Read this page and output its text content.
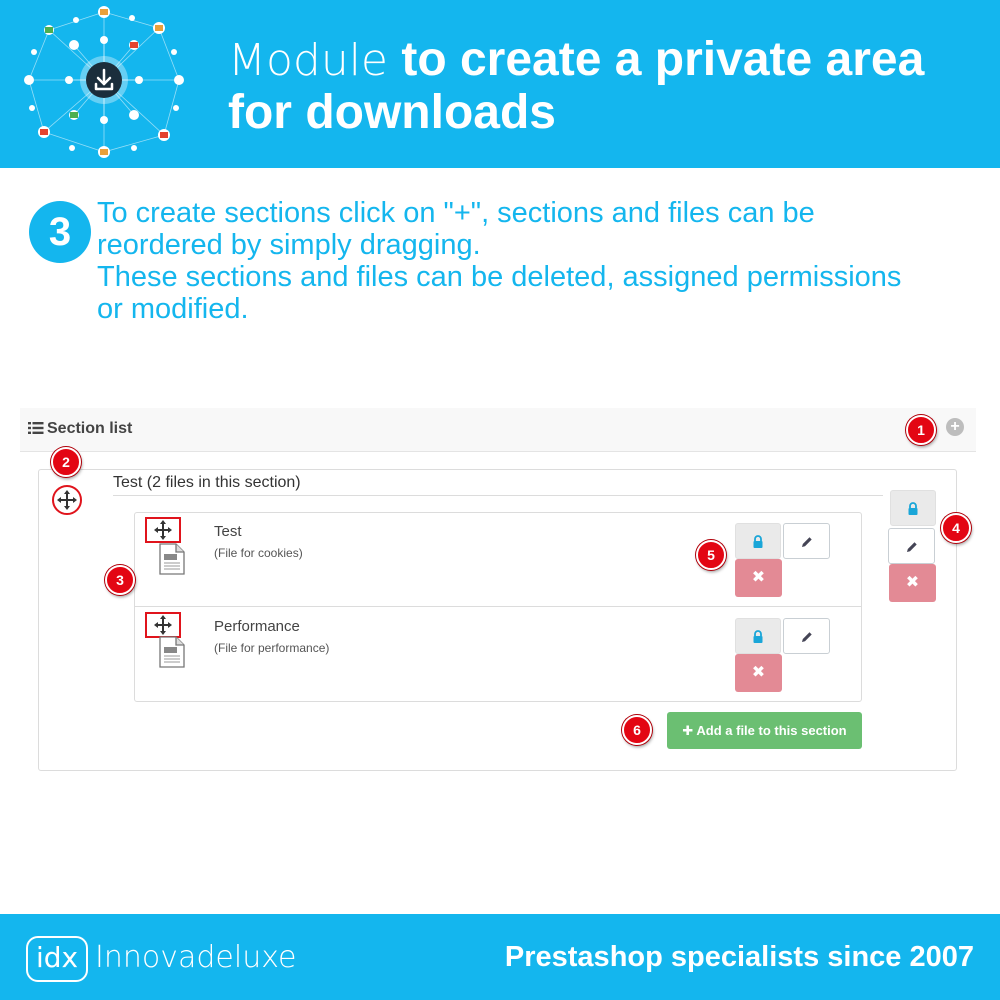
Module to create a private area
for downloads
3 To create sections click on "+", sections and files can be
reordered by simply dragging.
These sections and files can be deleted, assigned permissions
or modified.
Section list	+
Test (2 files in this section)
✖
Test
(File for cookies)
✖
Performance
(File for performance)
✖
✚ Add a file to this section
1
2
3
4
5
6
idx Innovadeluxe	Prestashop specialists since 2007
